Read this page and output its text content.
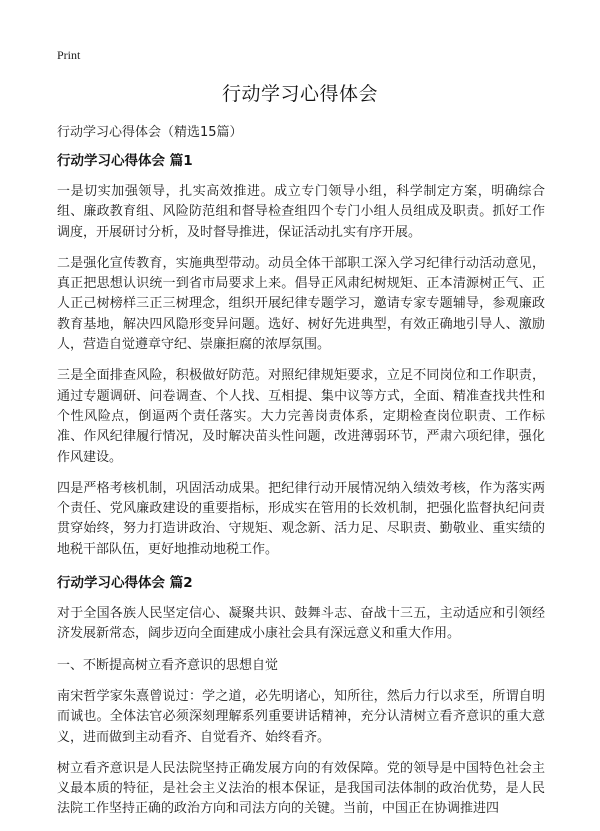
Print
行动学习心得体会

行动学习心得体会（精选15篇）

行动学习心得体会 篇1

一是切实加强领导，扎实高效推进。成立专门领导小组，科学制定方案，明确综合组、廉政教育组、风险防范组和督导检查组四个专门小组人员组成及职责。抓好工作调度，开展研讨分析，及时督导推进，保证活动扎实有序开展。

二是强化宣传教育，实施典型带动。动员全体干部职工深入学习纪律行动活动意见，真正把思想认识统一到省市局要求上来。倡导正风肃纪树规矩、正本清源树正气、正人正己树榜样三正三树理念，组织开展纪律专题学习，邀请专家专题辅导，参观廉政教育基地，解决四风隐形变异问题。选好、树好先进典型，有效正确地引导人、激励人，营造自觉遵章守纪、崇廉拒腐的浓厚氛围。

三是全面排查风险，积极做好防范。对照纪律规矩要求，立足不同岗位和工作职责，通过专题调研、问卷调查、个人找、互相提、集中议等方式，全面、精准查找共性和个性风险点，倒逼两个责任落实。大力完善岗责体系，定期检查岗位职责、工作标准、作风纪律履行情况，及时解决苗头性问题，改进薄弱环节，严肃六项纪律，强化作风建设。

四是严格考核机制，巩固活动成果。把纪律行动开展情况纳入绩效考核，作为落实两个责任、党风廉政建设的重要指标，形成实在管用的长效机制，把强化监督执纪问责贯穿始终，努力打造讲政治、守规矩、观念新、活力足、尽职责、勤敬业、重实绩的地税干部队伍，更好地推动地税工作。

行动学习心得体会 篇2

对于全国各族人民坚定信心、凝聚共识、鼓舞斗志、奋战十三五，主动适应和引领经济发展新常态，阔步迈向全面建成小康社会具有深远意义和重大作用。

一、不断提高树立看齐意识的思想自觉

南宋哲学家朱熹曾说过：学之道，必先明诸心，知所往，然后力行以求至，所谓自明而诚也。全体法官必须深刻理解系列重要讲话精神，充分认清树立看齐意识的重大意义，进而做到主动看齐、自觉看齐、始终看齐。

树立看齐意识是人民法院坚持正确发展方向的有效保障。党的领导是中国特色社会主义最本质的特征，是社会主义法治的根本保证，是我国司法体制的政治优势，是人民法院工作坚持正确的政治方向和司法方向的关键。当前，中国正在协调推进四
